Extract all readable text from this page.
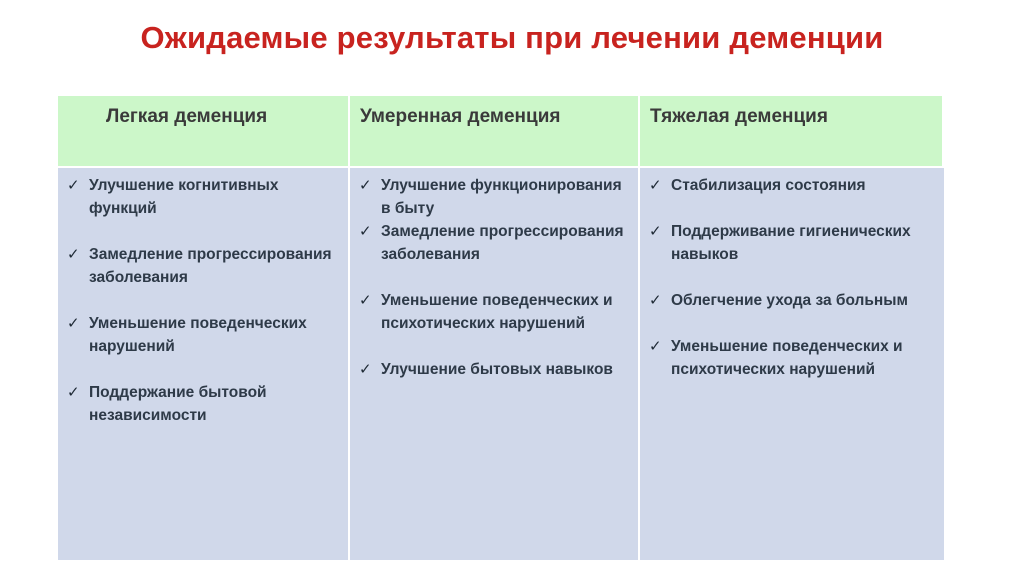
Ожидаемые результаты при лечении деменции
Легкая деменция	Умеренная деменция	Тяжелая деменция
✓ Улучшение когнитивных функций
✓ Замедление прогрессирования заболевания
✓ Уменьшение поведенческих нарушений
✓ Поддержание бытовой независимости
✓ Улучшение функционирования в быту
✓ Замедление прогрессирования заболевания
✓ Уменьшение поведенческих и психотических нарушений
✓ Улучшение бытовых навыков
✓ Стабилизация состояния
✓ Поддерживание гигиенических навыков
✓ Облегчение ухода за больным
✓ Уменьшение поведенческих и психотических нарушений
